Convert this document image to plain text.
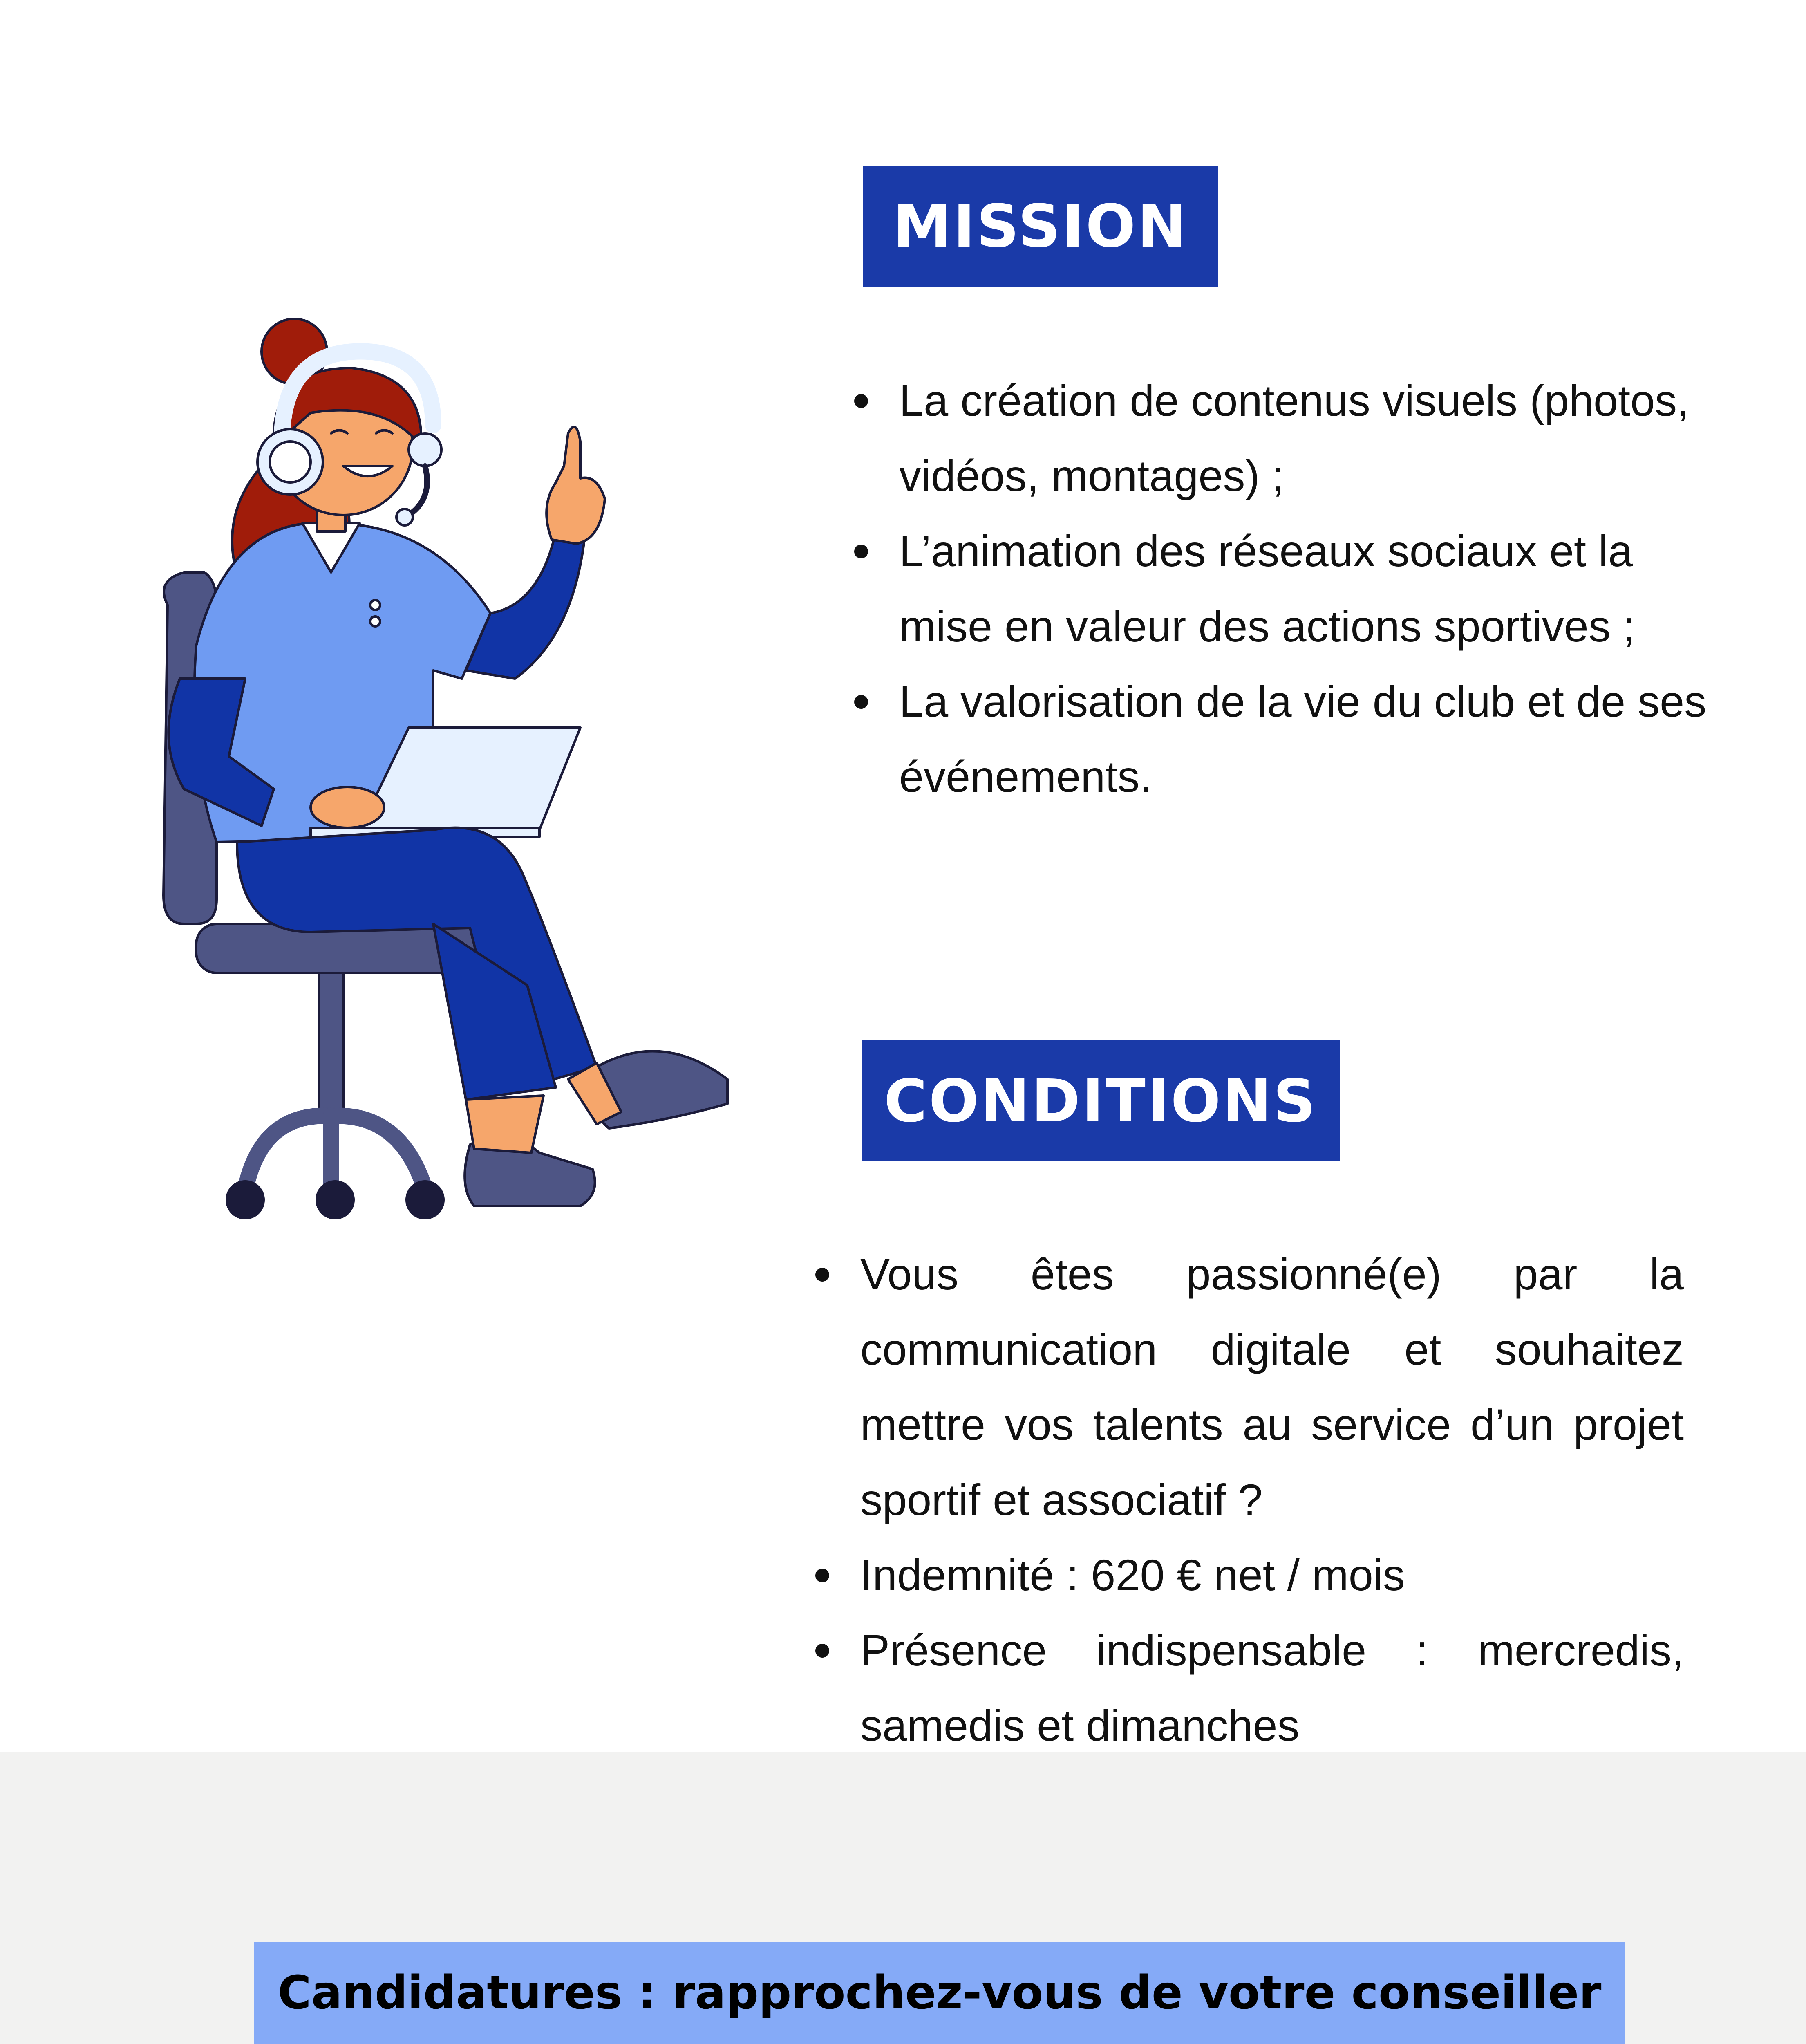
MISSION
La création de contenus visuels (photos,
vidéos, montages) ;
L’animation des réseaux sociaux et la
mise en valeur des actions sportives ;
La valorisation de la vie du club et de ses
événements.
CONDITIONS
Vous êtes passionné(e) par la communication digitale et souhaitez mettre vos talents au service d’un projet sportif et associatif ?
Indemnité : 620 € net / mois
Présence indispensable : mercredis, samedis et dimanches
Candidatures : rapprochez-vous de votre conseiller
